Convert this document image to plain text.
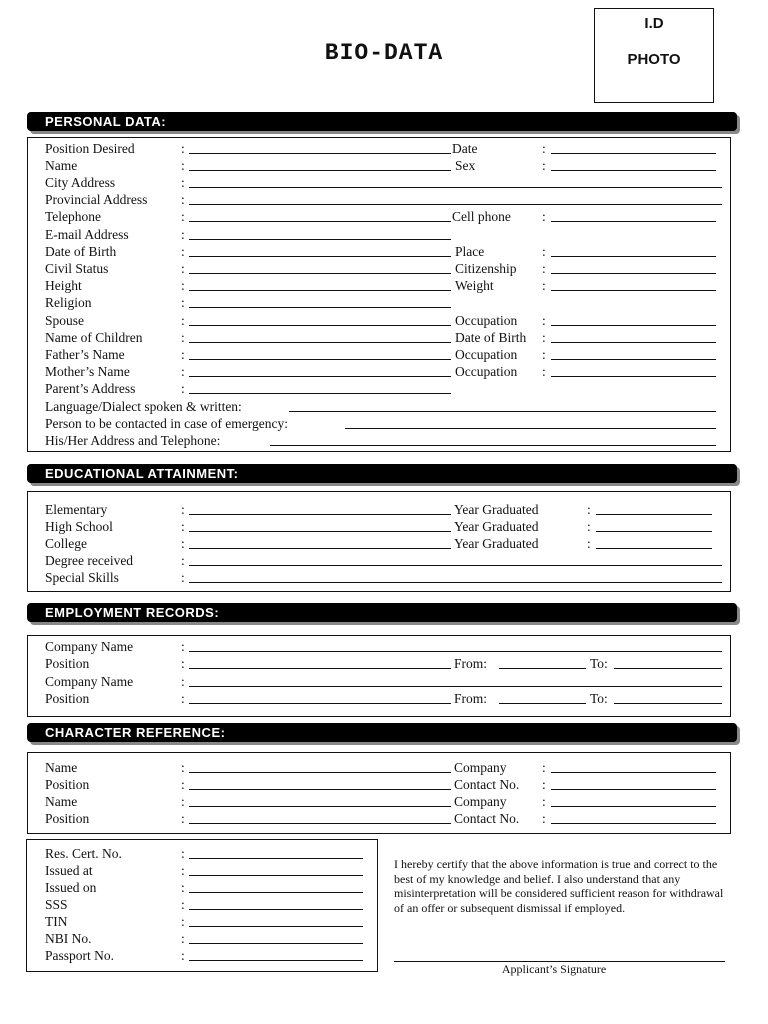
BIO-DATA
I.D
PHOTO
PERSONAL DATA:
Position Desired	:	Date	:
Name	:	Sex	:
City Address	:
Provincial Address :
Telephone	:	Cell phone :
E-mail Address	:
Date of Birth	:	Place	:
Civil Status	:	Citizenship :
Height	:	Weight	:
Religion	:
Spouse	:	Occupation :
Name of Children	:	Date of Birth :
Father’s Name	:	Occupation :
Mother’s Name	:	Occupation :
Parent’s Address	:
Language/Dialect spoken & written:
Person to be contacted in case of emergency:
His/Her Address and Telephone:
EDUCATIONAL ATTAINMENT:
Elementary	:	Year Graduated	:
High School	:	Year Graduated	:
College	:	Year Graduated	:
Degree received	:
Special Skills	:
EMPLOYMENT RECORDS:
Company Name	:
Position	:	From:	To:
Company Name	:
Position	:	From:	To:
CHARACTER REFERENCE:
Name	:	Company	:
Position	:	Contact No. :
Name	:	Company	:
Position	:	Contact No. :
Res. Cert. No.	:
Issued at	:
Issued on	:
SSS	:
TIN	:
NBI No.	:
Passport No.	:
I hereby certify that the above information is true and correct to the best of my knowledge and belief. I also understand that any misinterpretation will be considered sufficient reason for withdrawal of an offer or subsequent dismissal if employed.
Applicant’s Signature
